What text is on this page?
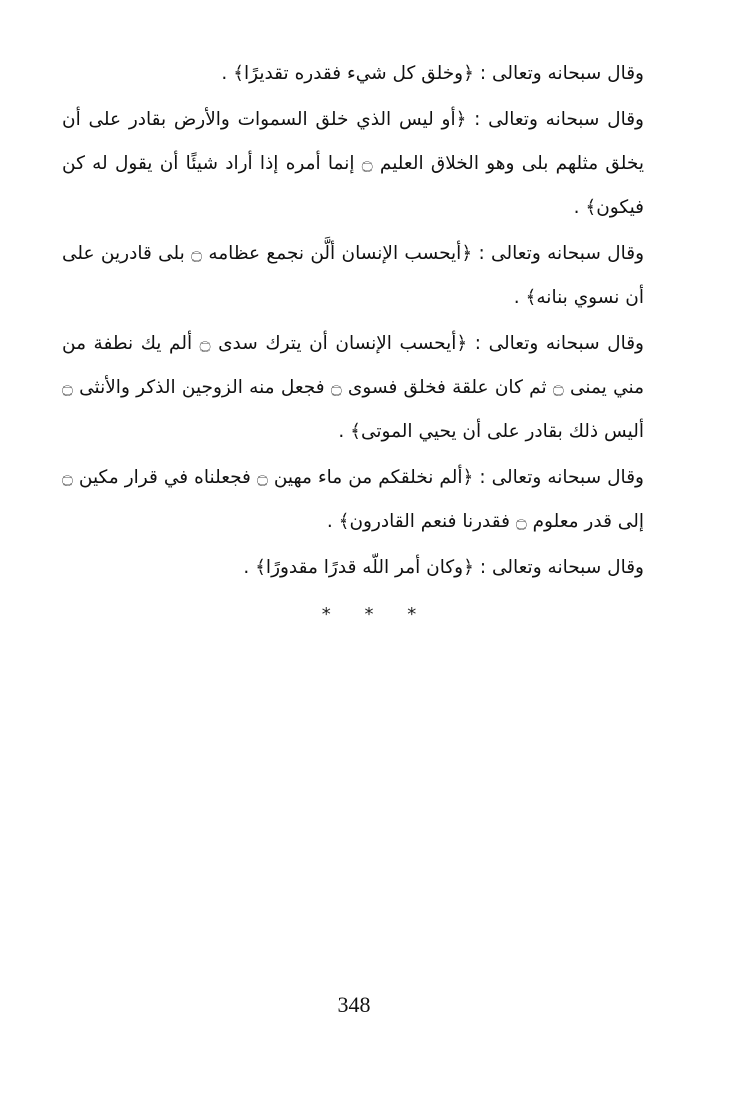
وقال سبحانه وتعالى : ﴿وخلق كل شيء فقدره تقديرًا﴾ .

وقال سبحانه وتعالى : ﴿أو ليس الذي خلق السموات والأرض بقادر على أن يخلق مثلهم بلى وهو الخلاق العليم ۝ إنما أمره إذا أراد شيئًا أن يقول له كن فيكون﴾ .

وقال سبحانه وتعالى : ﴿أيحسب الإنسان ألَّن نجمع عظامه ۝ بلى قادرين على أن نسوي بنانه﴾ .

وقال سبحانه وتعالى : ﴿أيحسب الإنسان أن يترك سدى ۝ ألم يك نطفة من مني يمنى ۝ ثم كان علقة فخلق فسوى ۝ فجعل منه الزوجين الذكر والأنثى ۝ أليس ذلك بقادر على أن يحيي الموتى﴾ .

وقال سبحانه وتعالى : ﴿ألم نخلقكم من ماء مهين ۝ فجعلناه في قرار مكين ۝ إلى قدر معلوم ۝ فقدرنا فنعم القادرون﴾ .

وقال سبحانه وتعالى : ﴿وكان أمر اللّه قدرًا مقدورًا﴾ .

* * *
348
